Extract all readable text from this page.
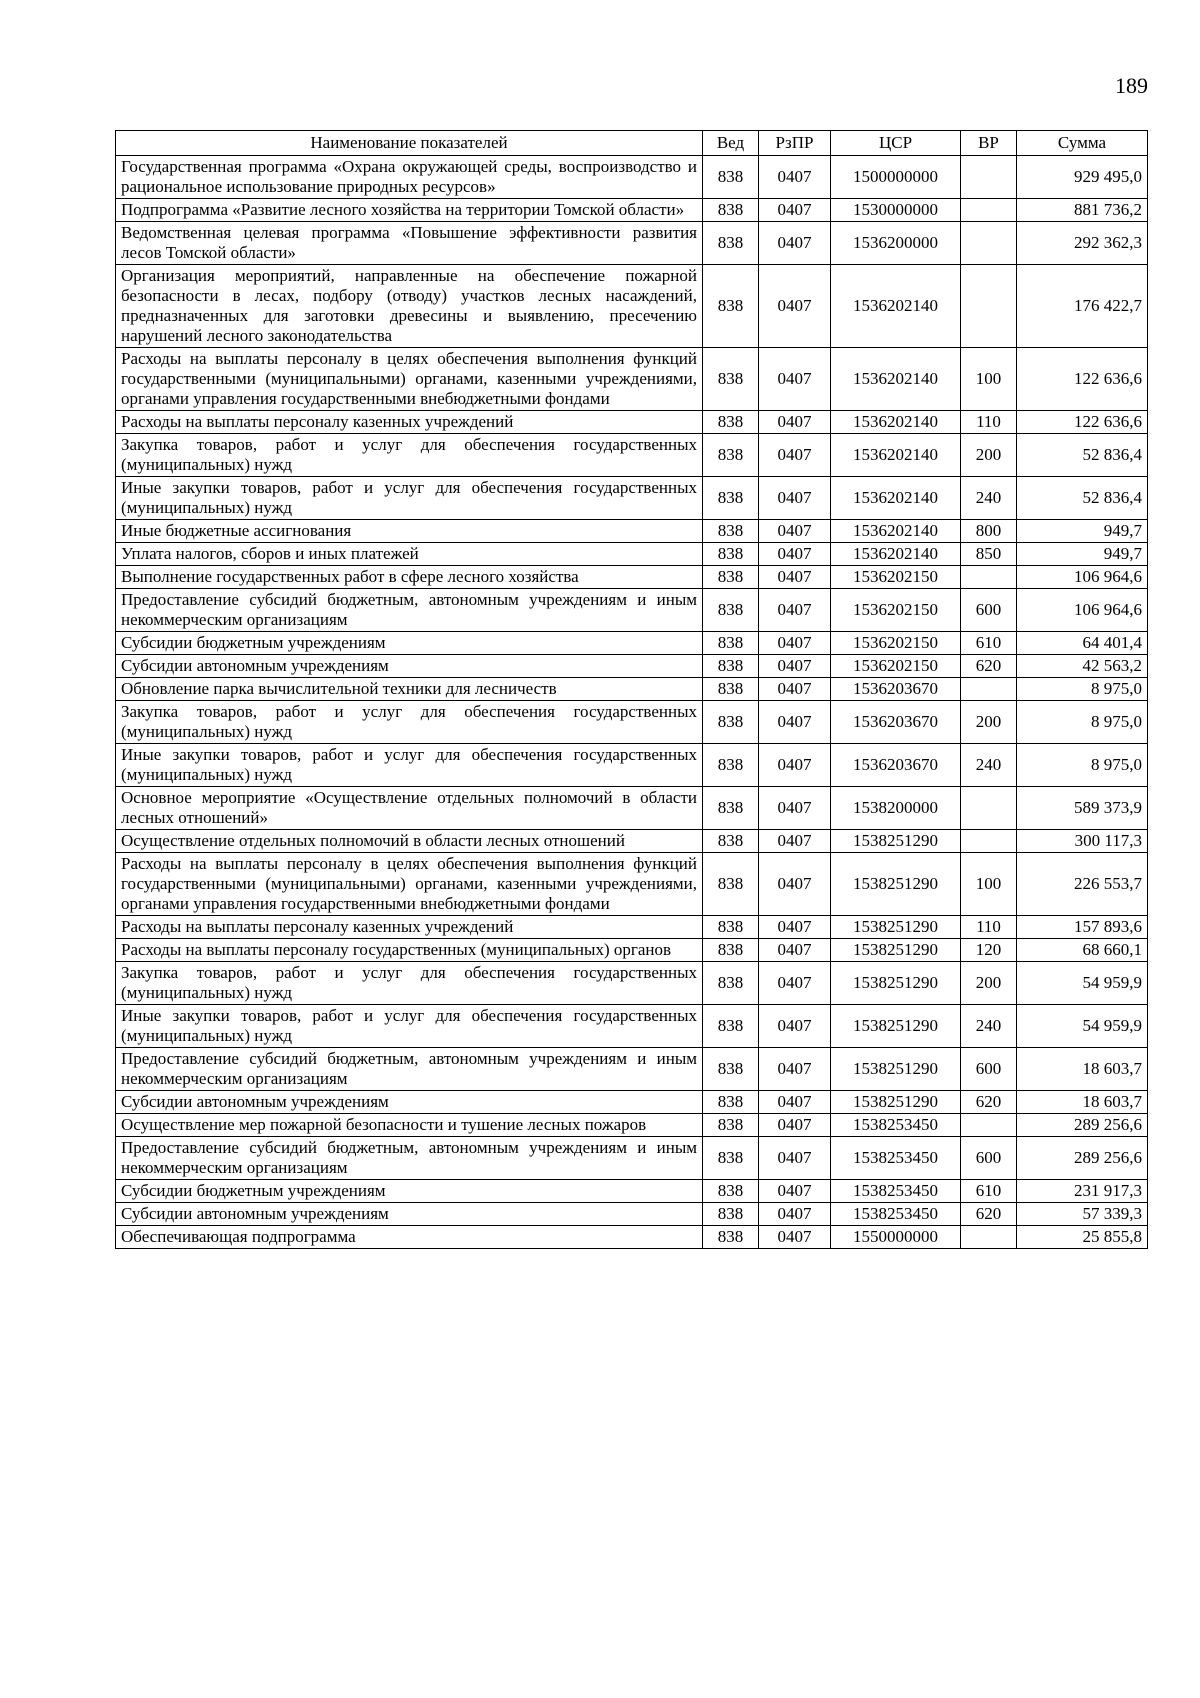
189
Наименование показателей	Вед	РзПР	ЦСР	ВР	Сумма
Государственная программа «Охрана окружающей среды, воспроизводство и рациональное использование природных ресурсов»	838	0407	1500000000		929 495,0
Подпрограмма «Развитие лесного хозяйства на территории Томской области»	838	0407	1530000000		881 736,2
Ведомственная целевая программа «Повышение эффективности развития лесов Томской области»	838	0407	1536200000		292 362,3
Организация мероприятий, направленные на обеспечение пожарной безопасности в лесах, подбору (отводу) участков лесных насаждений, предназначенных для заготовки древесины и выявлению, пресечению нарушений лесного законодательства	838	0407	1536202140		176 422,7
Расходы на выплаты персоналу в целях обеспечения выполнения функций государственными (муниципальными) органами, казенными учреждениями, органами управления государственными внебюджетными фондами	838	0407	1536202140	100	122 636,6
Расходы на выплаты персоналу казенных учреждений	838	0407	1536202140	110	122 636,6
Закупка товаров, работ и услуг для обеспечения государственных (муниципальных) нужд	838	0407	1536202140	200	52 836,4
Иные закупки товаров, работ и услуг для обеспечения государственных (муниципальных) нужд	838	0407	1536202140	240	52 836,4
Иные бюджетные ассигнования	838	0407	1536202140	800	949,7
Уплата налогов, сборов и иных платежей	838	0407	1536202140	850	949,7
Выполнение государственных работ в сфере лесного хозяйства	838	0407	1536202150		106 964,6
Предоставление субсидий бюджетным, автономным учреждениям и иным некоммерческим организациям	838	0407	1536202150	600	106 964,6
Субсидии бюджетным учреждениям	838	0407	1536202150	610	64 401,4
Субсидии автономным учреждениям	838	0407	1536202150	620	42 563,2
Обновление парка вычислительной техники для лесничеств	838	0407	1536203670		8 975,0
Закупка товаров, работ и услуг для обеспечения государственных (муниципальных) нужд	838	0407	1536203670	200	8 975,0
Иные закупки товаров, работ и услуг для обеспечения государственных (муниципальных) нужд	838	0407	1536203670	240	8 975,0
Основное мероприятие «Осуществление отдельных полномочий в области лесных отношений»	838	0407	1538200000		589 373,9
Осуществление отдельных полномочий в области лесных отношений	838	0407	1538251290		300 117,3
Расходы на выплаты персоналу в целях обеспечения выполнения функций государственными (муниципальными) органами, казенными учреждениями, органами управления государственными внебюджетными фондами	838	0407	1538251290	100	226 553,7
Расходы на выплаты персоналу казенных учреждений	838	0407	1538251290	110	157 893,6
Расходы на выплаты персоналу государственных (муниципальных) органов	838	0407	1538251290	120	68 660,1
Закупка товаров, работ и услуг для обеспечения государственных (муниципальных) нужд	838	0407	1538251290	200	54 959,9
Иные закупки товаров, работ и услуг для обеспечения государственных (муниципальных) нужд	838	0407	1538251290	240	54 959,9
Предоставление субсидий бюджетным, автономным учреждениям и иным некоммерческим организациям	838	0407	1538251290	600	18 603,7
Субсидии автономным учреждениям	838	0407	1538251290	620	18 603,7
Осуществление мер пожарной безопасности и тушение лесных пожаров	838	0407	1538253450		289 256,6
Предоставление субсидий бюджетным, автономным учреждениям и иным некоммерческим организациям	838	0407	1538253450	600	289 256,6
Субсидии бюджетным учреждениям	838	0407	1538253450	610	231 917,3
Субсидии автономным учреждениям	838	0407	1538253450	620	57 339,3
Обеспечивающая подпрограмма	838	0407	1550000000		25 855,8
